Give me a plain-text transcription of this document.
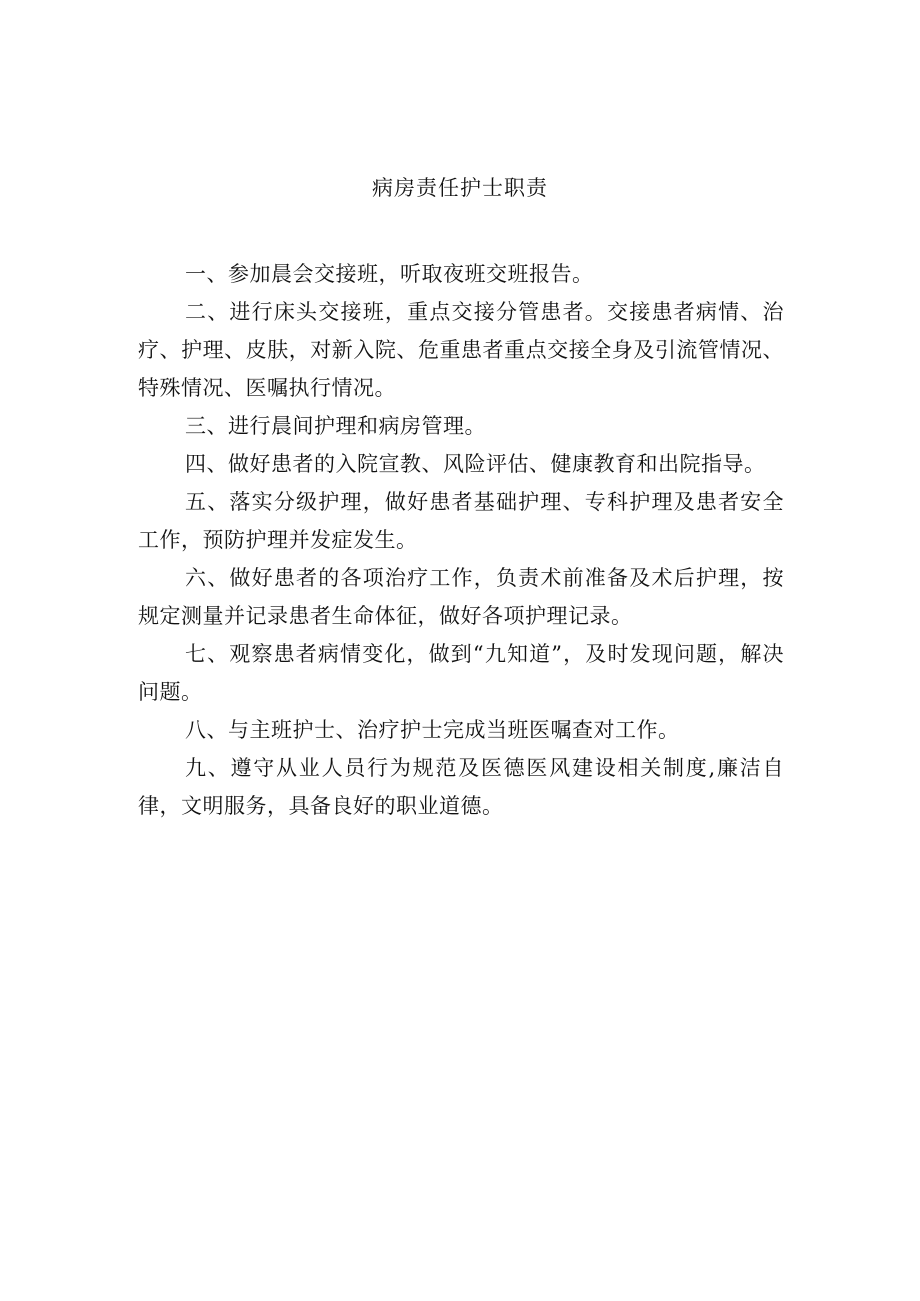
病房责任护士职责

一、参加晨会交接班，听取夜班交班报告。

二、进行床头交接班，重点交接分管患者。交接患者病情、治疗、护理、皮肤，对新入院、危重患者重点交接全身及引流管情况、特殊情况、医嘱执行情况。

三、进行晨间护理和病房管理。

四、做好患者的入院宣教、风险评估、健康教育和出院指导。

五、落实分级护理，做好患者基础护理、专科护理及患者安全工作，预防护理并发症发生。

六、做好患者的各项治疗工作，负责术前准备及术后护理，按规定测量并记录患者生命体征，做好各项护理记录。

七、观察患者病情变化，做到“九知道”，及时发现问题，解决问题。

八、与主班护士、治疗护士完成当班医嘱查对工作。

九、遵守从业人员行为规范及医德医风建设相关制度,廉洁自律，文明服务，具备良好的职业道德。
